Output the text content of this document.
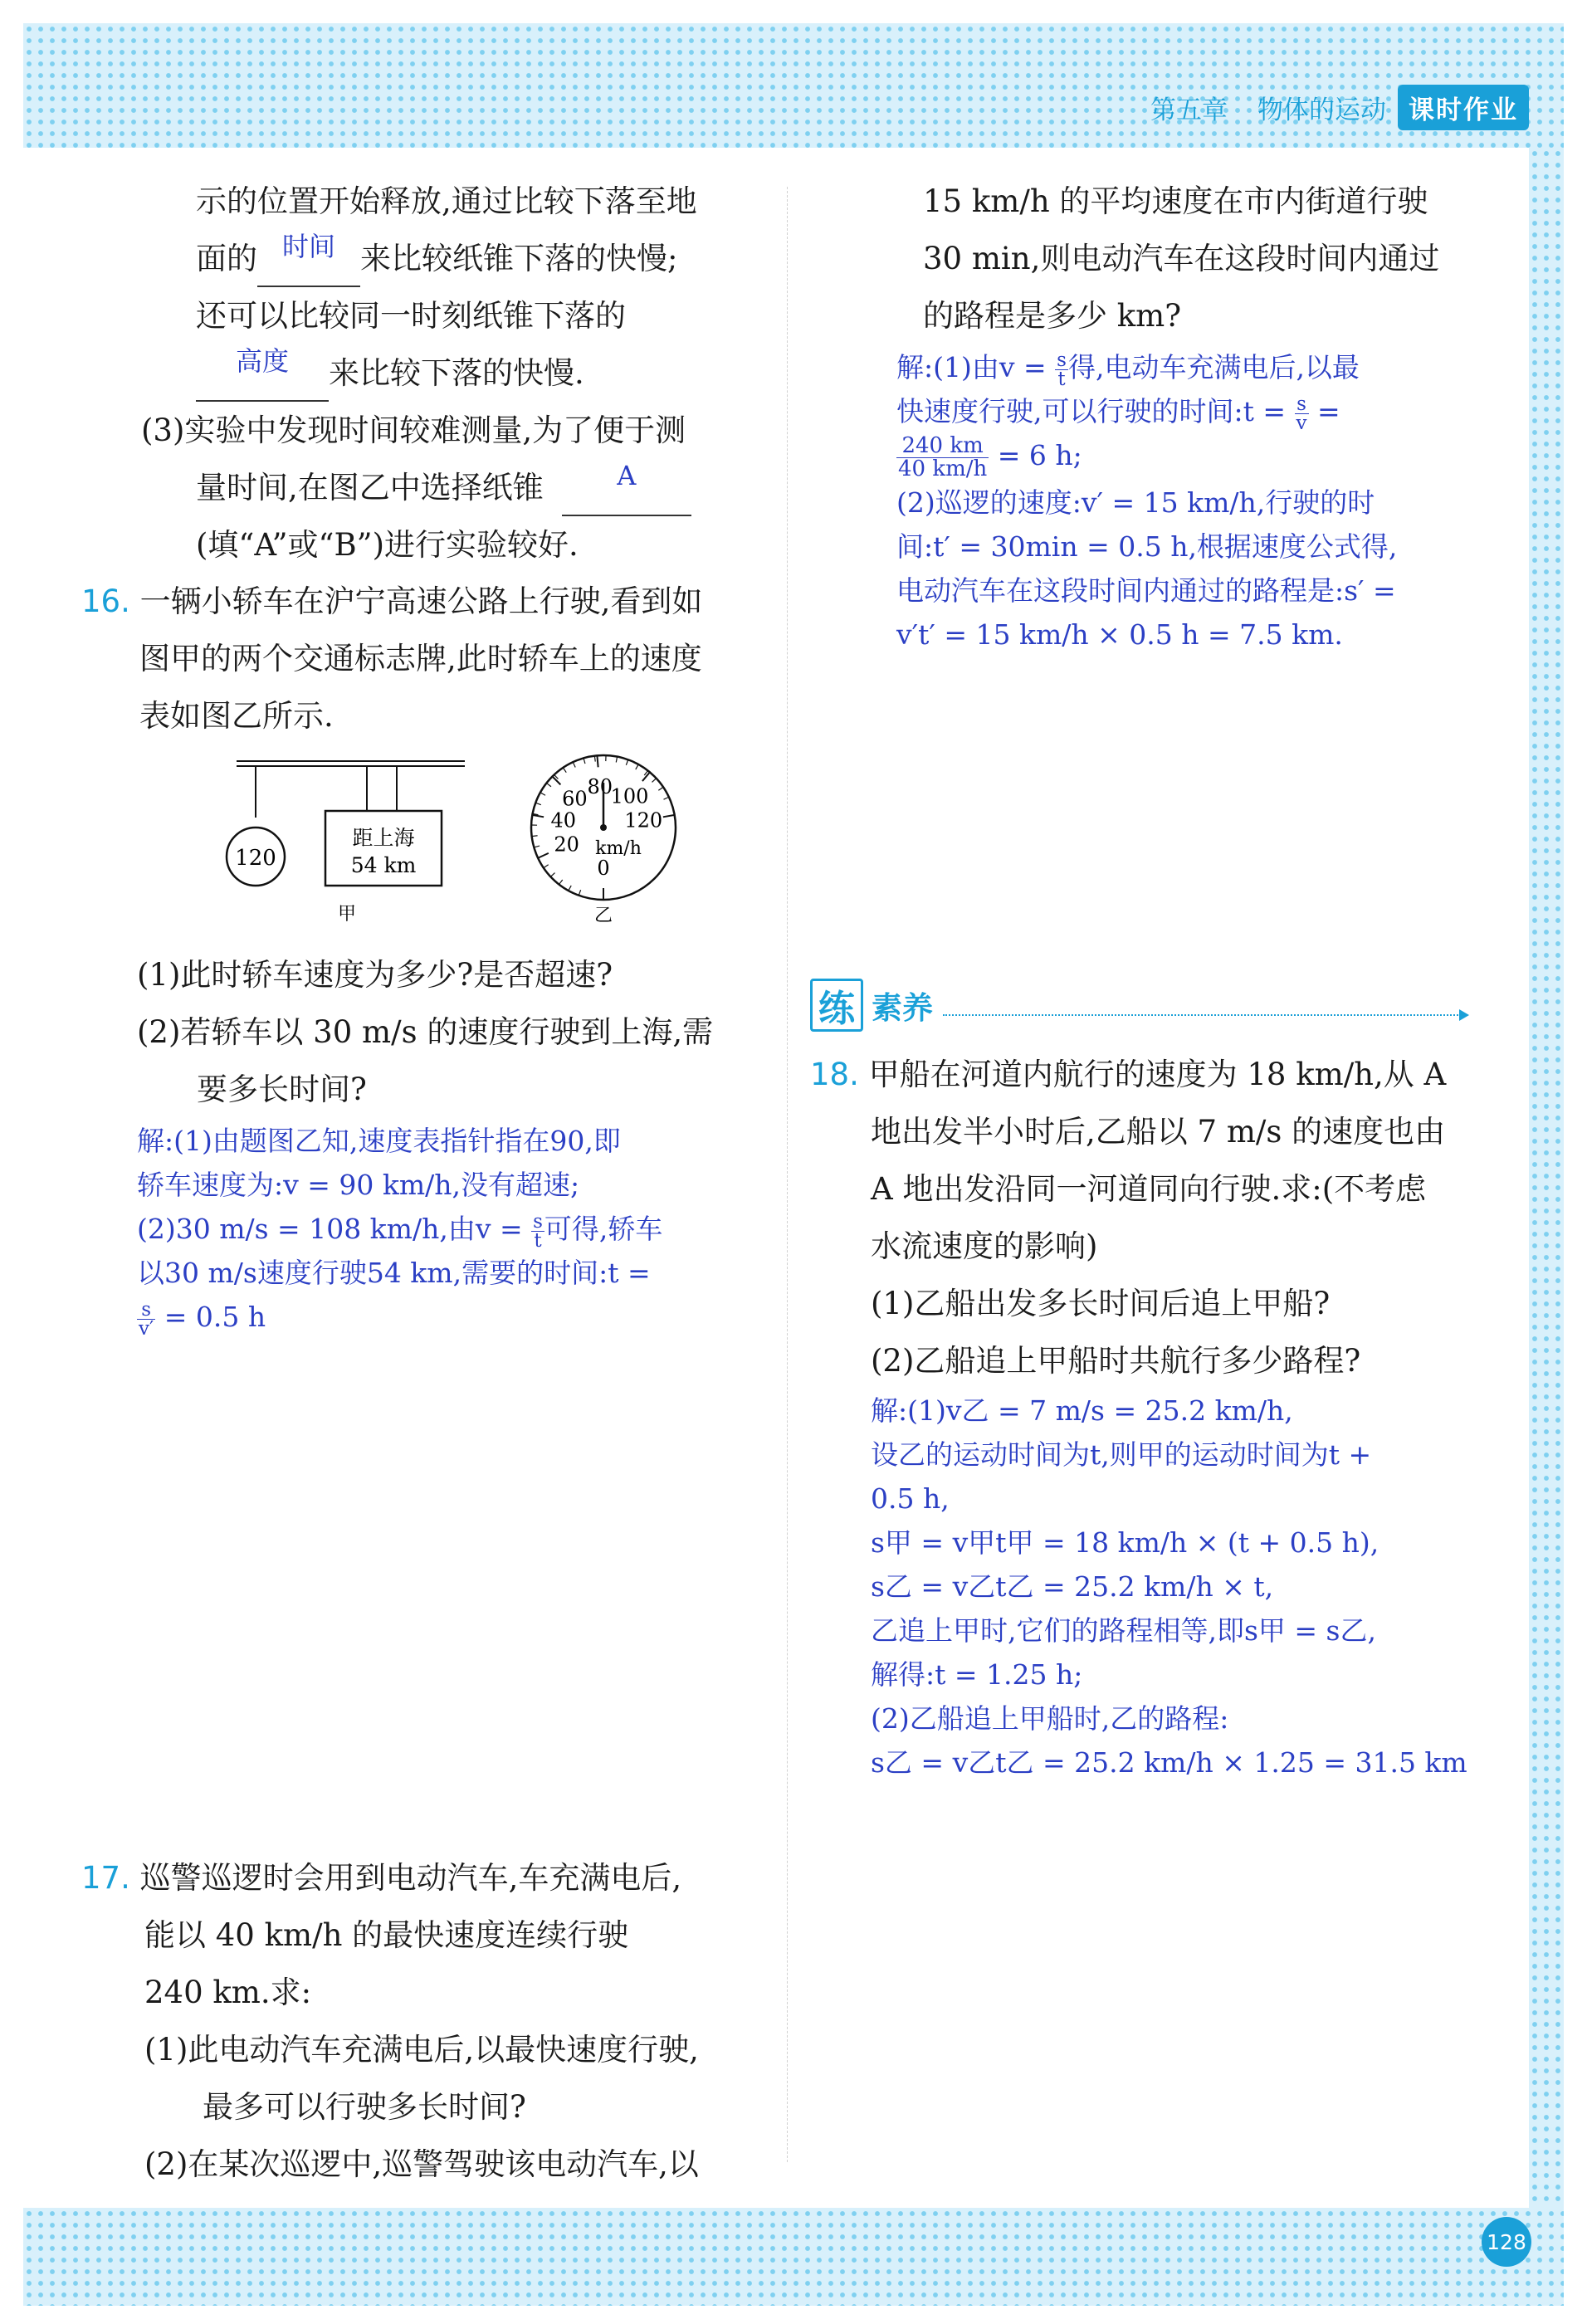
第五章 物体的运动 课时作业
示的位置开始释放,通过比较下落至地
面的 时间 来比较纸锥下落的快慢;
还可以比较同一时刻纸锥下落的
高度	来比较下落的快慢.
(3)实验中发现时间较难测量,为了便于测
量时间,在图乙中选择纸锥	A
(填“A”或“B”)进行实验较好.
16. 一辆小轿车在沪宁高速公路上行驶,看到如
图甲的两个交通标志牌,此时轿车上的速度
表如图乙所示.
120
距上海
54 km
甲
0
20
40
60
80
100
120
km/h
乙
(1)此时轿车速度为多少?是否超速?
(2)若轿车以 30 m/s 的速度行驶到上海,需
要多长时间?
解:(1)由题图乙知,速度表指针指在90,即
轿车速度为:v = 90 km/h,没有超速;
(2)30 m/s = 108 km/h,由$v = \frac{s}{t}$ 可得,轿车
以30 m/s速度行驶54 km,需要的时间:t =
$\frac{s}{v'} = 0.5$ h
17. 巡警巡逻时会用到电动汽车,车充满电后,
能以 40 km/h 的最快速度连续行驶
240 km.求:
(1)此电动汽车充满电后,以最快速度行驶,
最多可以行驶多长时间?
(2)在某次巡逻中,巡警驾驶该电动汽车,以
15 km/h 的平均速度在市内街道行驶
30 min,则电动汽车在这段时间内通过
的路程是多少 km?
解:(1)由$v = \frac{s}{t}$ 得,电动车充满电后,以最
快速度行驶,可以行驶的时间:t = $\frac{s}{v}$ =
$\frac{240 km}{40 km/h} = 6$ h;
(2)巡逻的速度:v′ = 15 km/h,行驶的时
间:t′ = 30min = 0.5 h,根据速度公式得,
电动汽车在这段时间内通过的路程是:s′ =
v′t′ = 15 km/h × 0.5 h = 7.5 km.
练 素养
18. 甲船在河道内航行的速度为 18 km/h,从 A
地出发半小时后,乙船以 7 m/s 的速度也由
A 地出发沿同一河道同向行驶.求:(不考虑
水流速度的影响)
(1)乙船出发多长时间后追上甲船?
(2)乙船追上甲船时共航行多少路程?
解:(1)v乙 = 7 m/s = 25.2 km/h,
设乙的运动时间为t,则甲的运动时间为t +
0.5 h,
s甲 = v甲t甲 = 18 km/h × (t + 0.5 h),
s乙 = v乙t乙 = 25.2 km/h × t,
乙追上甲时,它们的路程相等,即s甲 = s乙,
解得:t = 1.25 h;
(2)乙船追上甲船时,乙的路程:
s乙 = v乙t乙 = 25.2 km/h × 1.25 = 31.5 km
128
